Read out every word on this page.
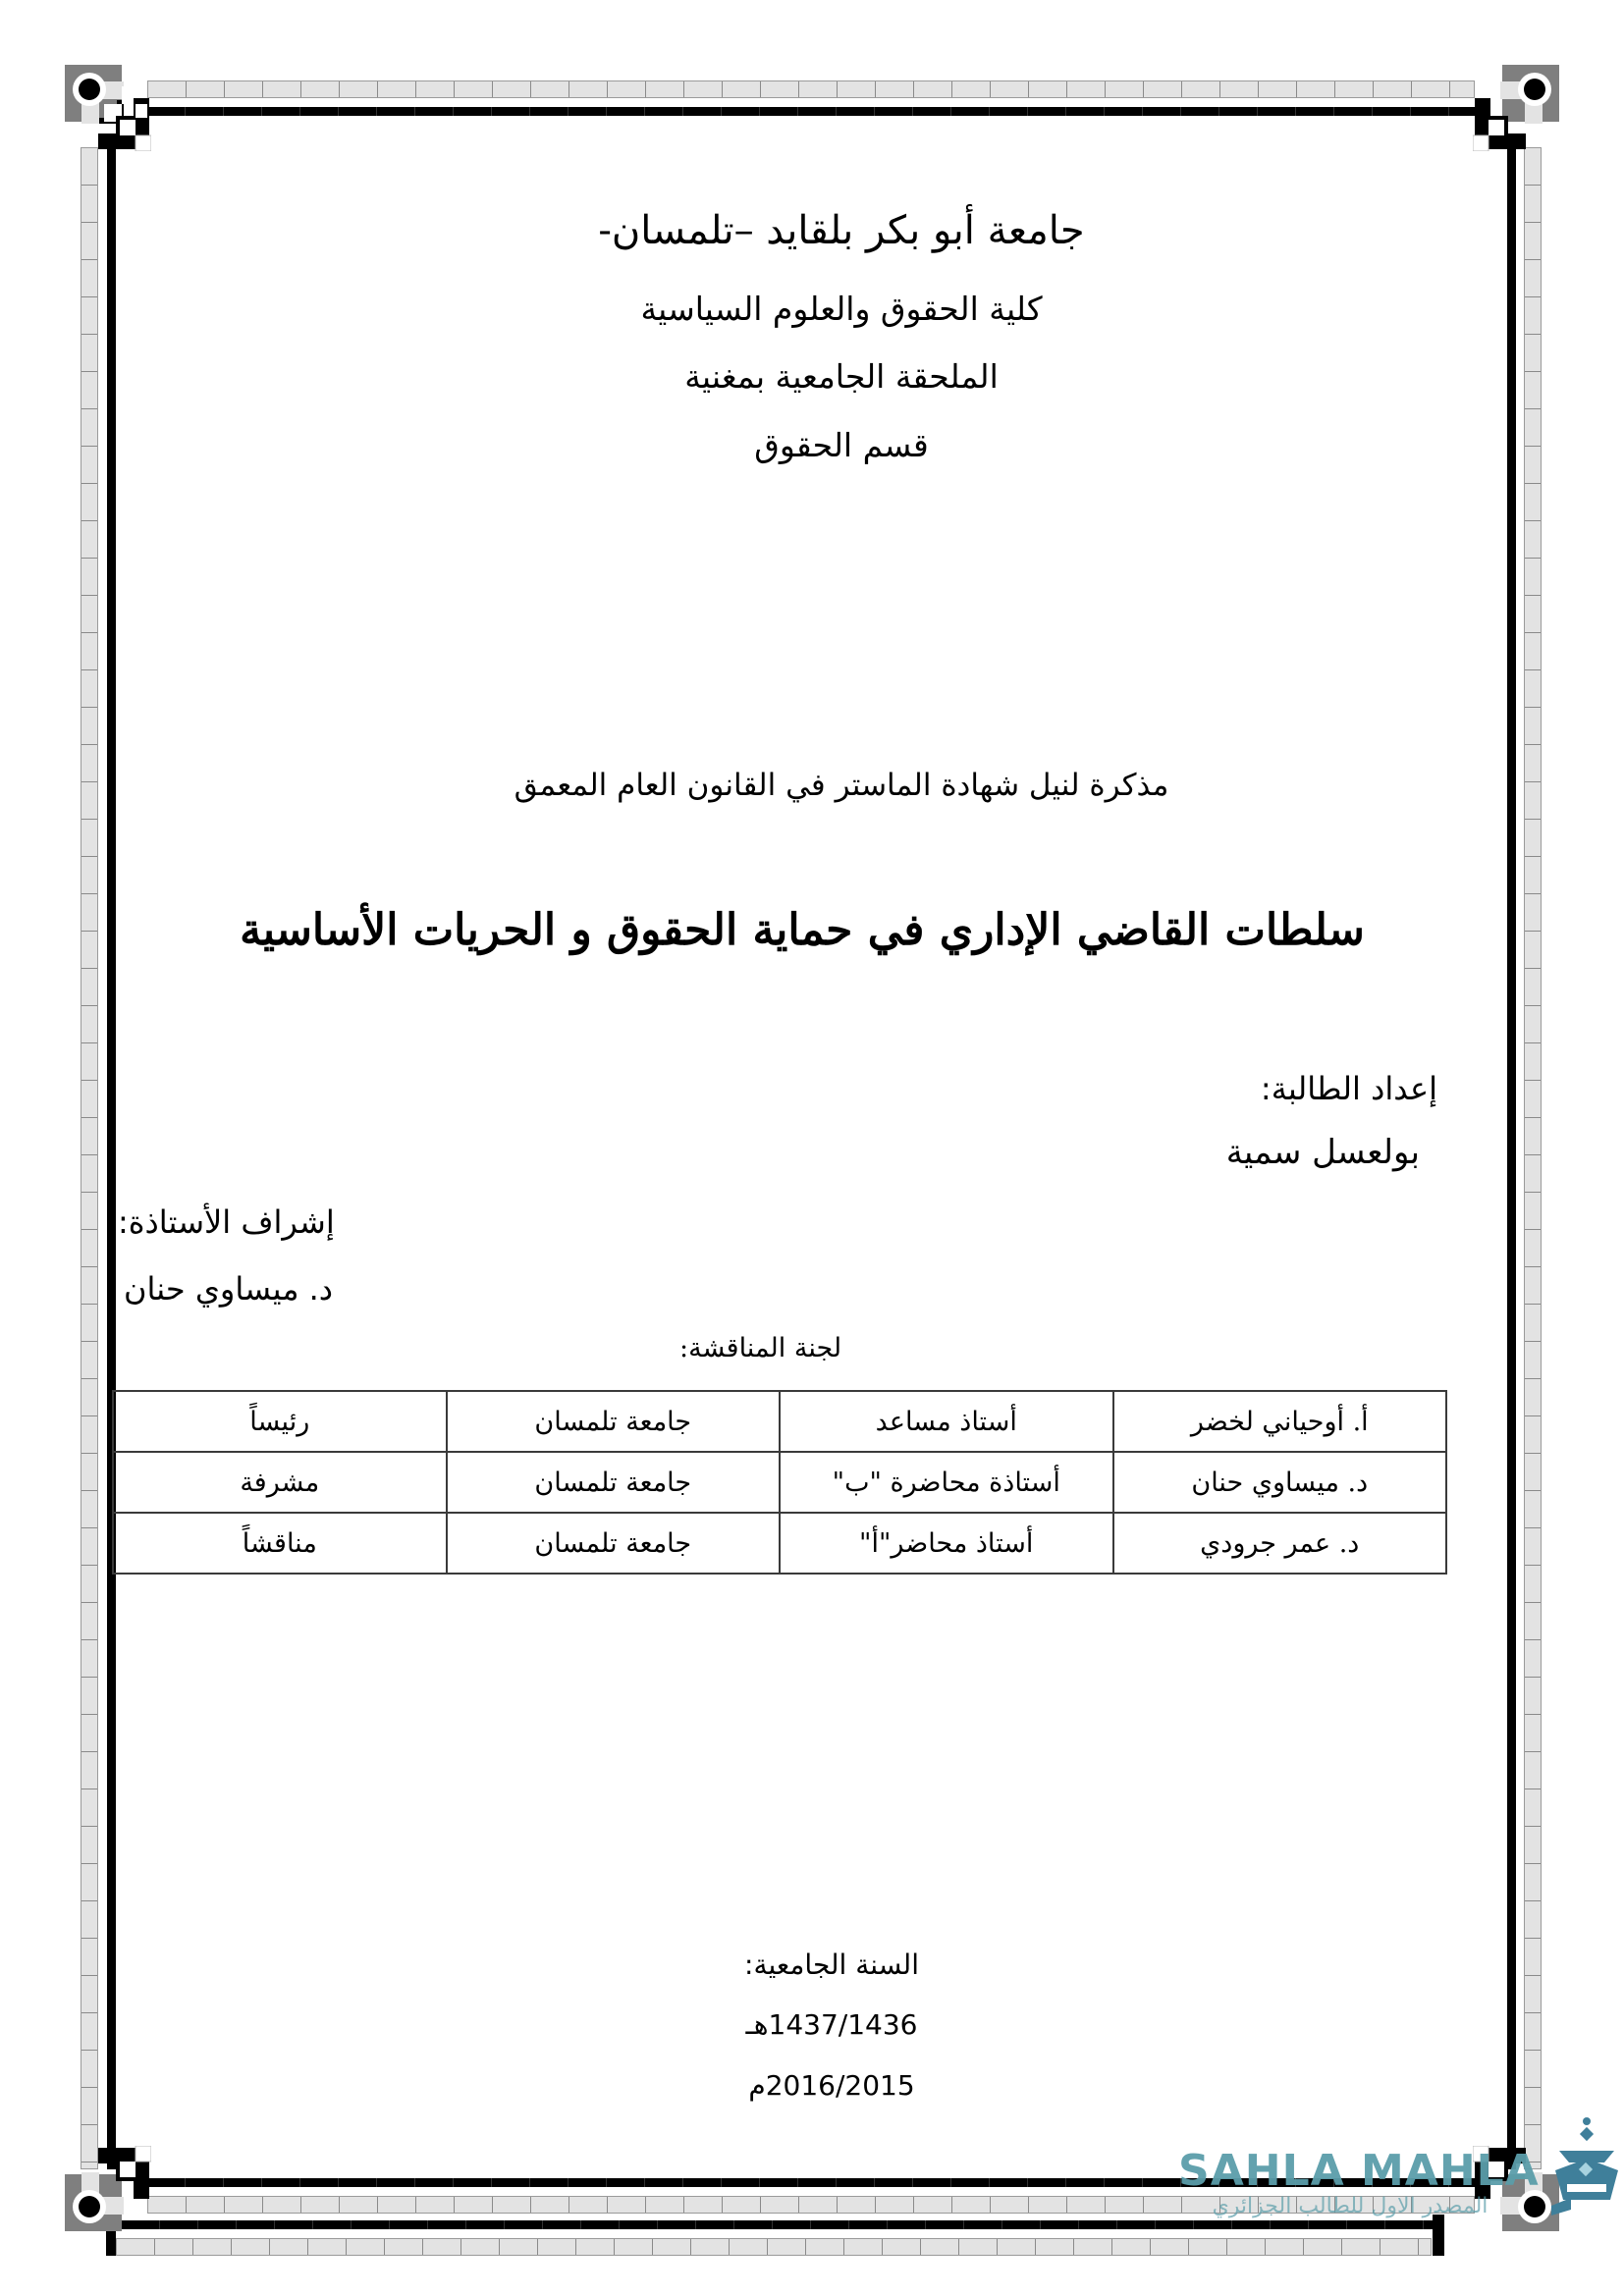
جامعة أبو بكر بلقايد –تلمسان-
كلية الحقوق والعلوم السياسية
الملحقة الجامعية بمغنية
قسم الحقوق
مذكرة لنيل شهادة الماستر في القانون العام المعمق
سلطات القاضي الإداري في حماية الحقوق و الحريات الأساسية
إعداد الطالبة:
بولعسل سمية
إشراف الأستاذة:
د. ميساوي حنان
لجنة المناقشة:
أ. أوحياني لخضر	أستاذ مساعد	جامعة تلمسان	رئيساً
د. ميساوي حنان	أستاذة محاضرة "ب"	جامعة تلمسان	مشرفة
د. عمر جرودي	أستاذ محاضر"أ"	جامعة تلمسان	مناقشاً
السنة الجامعية:
1437/1436هـ
2016/2015م
SAHLA MAHLA
المصدر الاول للطالب الجزائري
